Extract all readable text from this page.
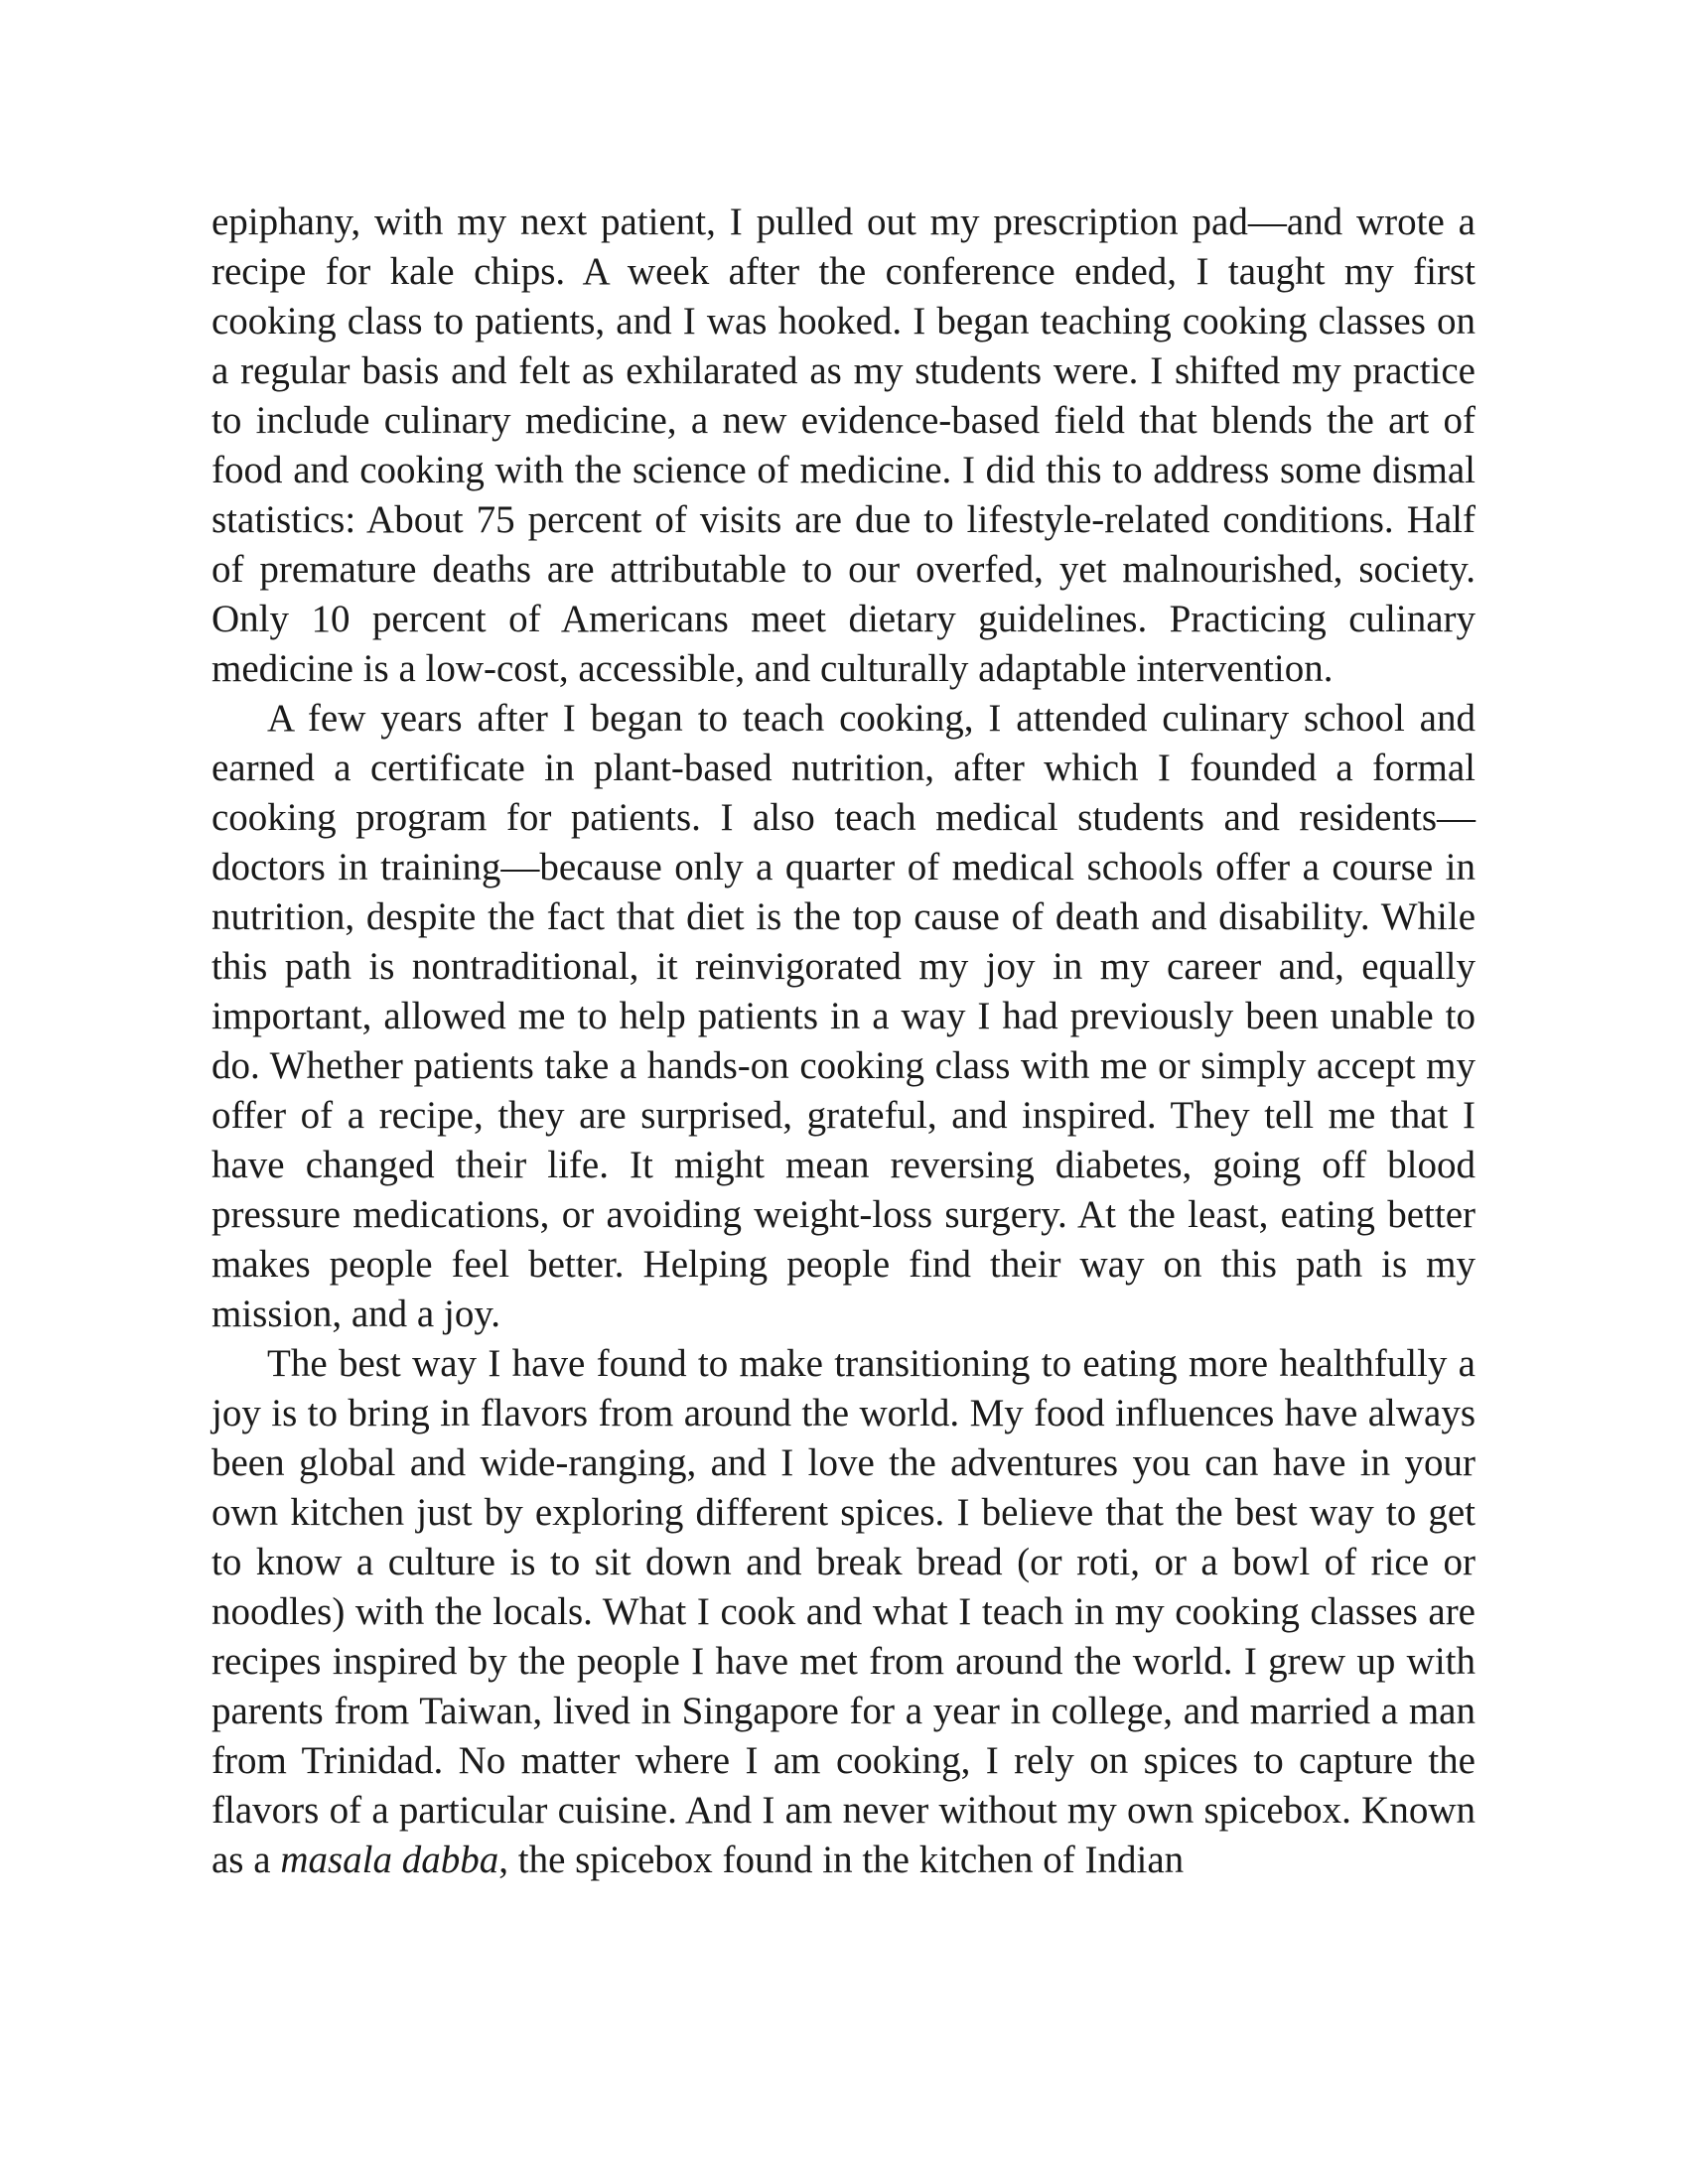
epiphany, with my next patient, I pulled out my prescription pad—and wrote a recipe for kale chips. A week after the conference ended, I taught my first cooking class to patients, and I was hooked. I began teaching cooking classes on a regular basis and felt as exhilarated as my students were. I shifted my practice to include culinary medicine, a new evidence-based field that blends the art of food and cooking with the science of medicine. I did this to address some dismal statistics: About 75 percent of visits are due to lifestyle-related conditions. Half of premature deaths are attributable to our overfed, yet malnourished, society. Only 10 percent of Americans meet dietary guidelines. Practicing culinary medicine is a low-cost, accessible, and culturally adaptable intervention.

A few years after I began to teach cooking, I attended culinary school and earned a certificate in plant-based nutrition, after which I founded a formal cooking program for patients. I also teach medical students and residents—doctors in training—because only a quarter of medical schools offer a course in nutrition, despite the fact that diet is the top cause of death and disability. While this path is nontraditional, it reinvigorated my joy in my career and, equally important, allowed me to help patients in a way I had previously been unable to do. Whether patients take a hands-on cooking class with me or simply accept my offer of a recipe, they are surprised, grateful, and inspired. They tell me that I have changed their life. It might mean reversing diabetes, going off blood pressure medications, or avoiding weight-loss surgery. At the least, eating better makes people feel better. Helping people find their way on this path is my mission, and a joy.

The best way I have found to make transitioning to eating more healthfully a joy is to bring in flavors from around the world. My food influences have always been global and wide-ranging, and I love the adventures you can have in your own kitchen just by exploring different spices. I believe that the best way to get to know a culture is to sit down and break bread (or roti, or a bowl of rice or noodles) with the locals. What I cook and what I teach in my cooking classes are recipes inspired by the people I have met from around the world. I grew up with parents from Taiwan, lived in Singapore for a year in college, and married a man from Trinidad. No matter where I am cooking, I rely on spices to capture the flavors of a particular cuisine. And I am never without my own spicebox. Known as a masala dabba, the spicebox found in the kitchen of Indian
